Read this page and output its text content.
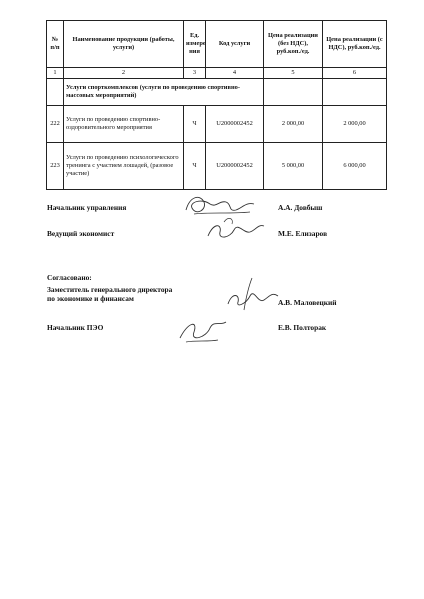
№ п/п	Наименование продукции (работы, услуги)	Ед. измере ния	Код услуги	Цена реализации (без НДС), руб.коп./ед.	Цена реализации (с НДС), руб.коп./ед.
1	2	3	4	5	6
	Услуги спорткомплексов (услуги по проведению спортивно-массовых мероприятий)				
222	Услуги по проведению спортивно-оздоровительного мероприятия	Ч	U2000002452	2 000,00	2 000,00
223	Услуги по проведению психологического тренинга с участием лошадей, (разовое участие)	Ч	U2000002452	5 000,00	6 000,00
Начальник управления	А.А. Довбыш
Ведущий экономист	М.Е. Елизаров
Согласовано:
Заместитель генерального директора
по экономике и финансам	А.В. Маловецкий
Начальник ПЭО	Е.В. Полторак
